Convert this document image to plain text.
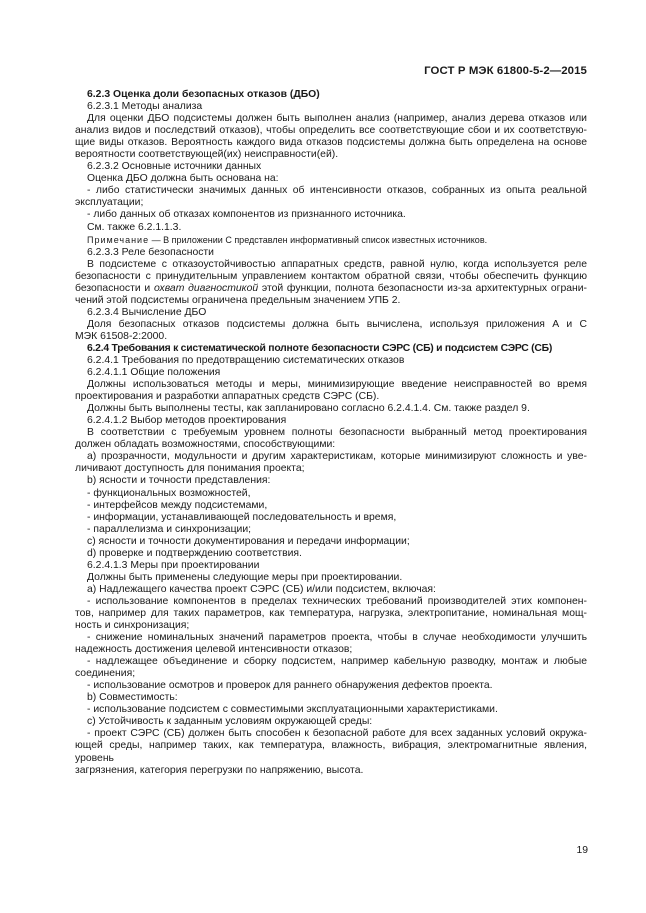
ГОСТ Р МЭК 61800-5-2—2015

6.2.3 Оценка доли безопасных отказов (ДБО)

6.2.3.1 Методы анализа

Для оценки ДБО подсистемы должен быть выполнен анализ (например, анализ дерева отказов или

анализ видов и последствий отказов), чтобы определить все соответствующие сбои и их соответствую-

щие виды отказов. Вероятность каждого вида отказов подсистемы должна быть определена на основе

вероятности соответствующей(их) неисправности(ей).

6.2.3.2 Основные источники данных

Оценка ДБО должна быть основана на:

- либо статистически значимых данных об интенсивности отказов, собранных из опыта реальной

эксплуатации;

- либо данных об отказах компонентов из признанного источника.

См. также 6.2.1.1.3.

Примечание — В приложении С представлен информативный список известных источников.

6.2.3.3 Реле безопасности

В подсистеме с отказоустойчивостью аппаратных средств, равной нулю, когда используется реле

безопасности с принудительным управлением контактом обратной связи, чтобы обеспечить функцию

безопасности и охват диагностикой этой функции, полнота безопасности из-за архитектурных ограни-

чений этой подсистемы ограничена предельным значением УПБ 2.

6.2.3.4 Вычисление ДБО

Доля безопасных отказов подсистемы должна быть вычислена, используя приложения А и С

МЭК 61508-2:2000.

6.2.4 Требования к систематической полноте безопасности СЭРС (СБ) и подсистем СЭРС (СБ)

6.2.4.1 Требования по предотвращению систематических отказов

6.2.4.1.1 Общие положения

Должны использоваться методы и меры, минимизирующие введение неисправностей во время

проектирования и разработки аппаратных средств СЭРС (СБ).

Должны быть выполнены тесты, как запланировано согласно 6.2.4.1.4. См. также раздел 9.

6.2.4.1.2 Выбор методов проектирования

В соответствии с требуемым уровнем полноты безопасности выбранный метод проектирования

должен обладать возможностями, способствующими:

а) прозрачности, модульности и другим характеристикам, которые минимизируют сложность и уве-

личивают доступность для понимания проекта;

b) ясности и точности представления:

- функциональных возможностей,

- интерфейсов между подсистемами,

- информации, устанавливающей последовательность и время,

- параллелизма и синхронизации;

с) ясности и точности документирования и передачи информации;

d) проверке и подтверждению соответствия.

6.2.4.1.3 Меры при проектировании

Должны быть применены следующие меры при проектировании.

а) Надлежащего качества проект СЭРС (СБ) и/или подсистем, включая:

- использование компонентов в пределах технических требований производителей этих компонен-

тов, например для таких параметров, как температура, нагрузка, электропитание, номинальная мощ-

ность и синхронизация;

- снижение номинальных значений параметров проекта, чтобы в случае необходимости улучшить

надежность достижения целевой интенсивности отказов;

- надлежащее объединение и сборку подсистем, например кабельную разводку, монтаж и любые

соединения;

- использование осмотров и проверок для раннего обнаружения дефектов проекта.

b) Совместимость:

- использование подсистем с совместимыми эксплуатационными характеристиками.

с) Устойчивость к заданным условиям окружающей среды:

- проект СЭРС (СБ) должен быть способен к безопасной работе для всех заданных условий окружа-

ющей среды, например таких, как температура, влажность, вибрация, электромагнитные явления, уровень

загрязнения, категория перегрузки по напряжению, высота.

19
